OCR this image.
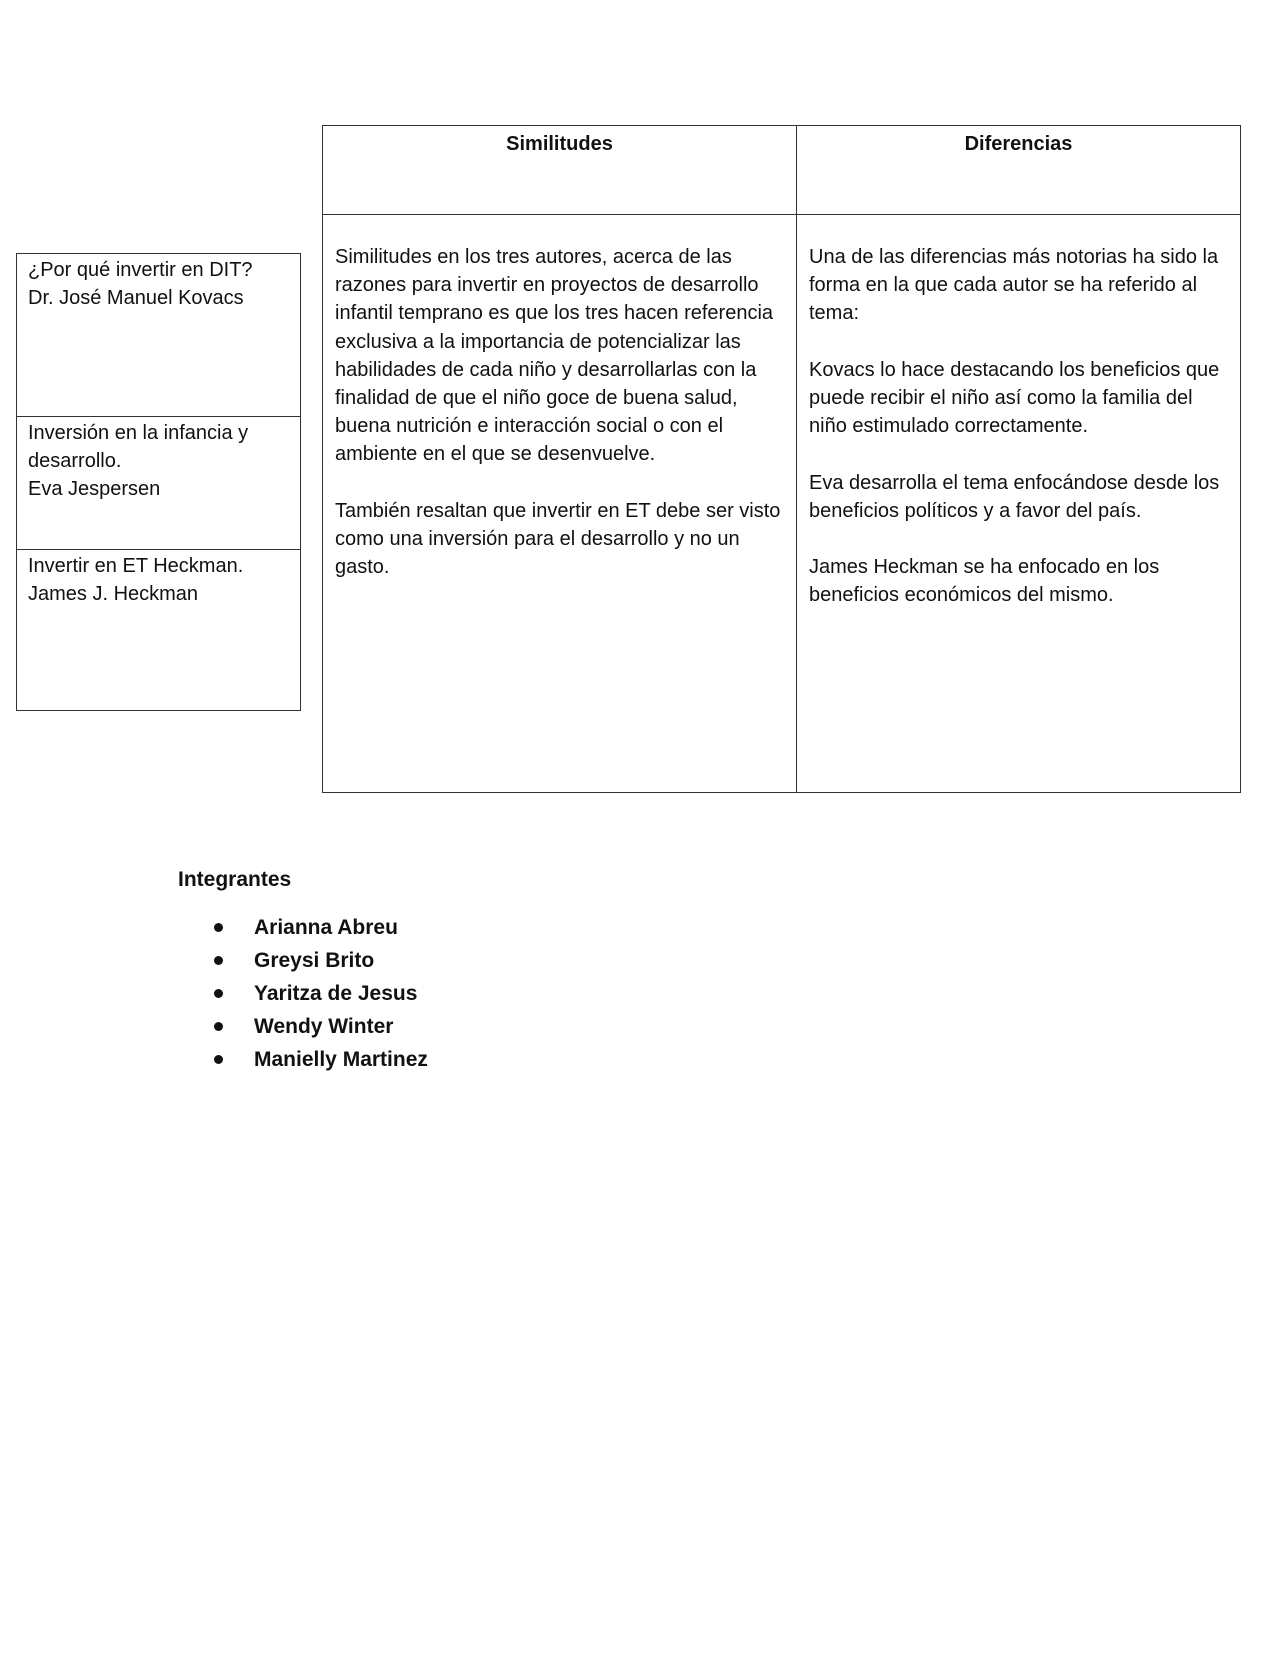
¿Por qué invertir en DIT?
Dr. José Manuel Kovacs
Inversión en la infancia y
desarrollo.
Eva Jespersen
Invertir en ET Heckman.
James J. Heckman
Similitudes	Diferencias

Similitudes en los tres autores, acerca de las razones para invertir en proyectos de desarrollo infantil temprano es que los tres hacen referencia exclusiva a la importancia de potencializar las habilidades de cada niño y desarrollarlas con la finalidad de que el niño goce de buena salud, buena nutrición e interacción social o con el ambiente en el que se desenvuelve.

También resaltan que invertir en ET debe ser visto como una inversión para el desarrollo y no un gasto.

Una de las diferencias más notorias ha sido la forma en la que cada autor se ha referido al tema:

Kovacs lo hace destacando los beneficios que puede recibir el niño así como la familia del niño estimulado correctamente.

Eva desarrolla el tema enfocándose desde los beneficios políticos y a favor del país.

James Heckman se ha enfocado en los beneficios económicos del mismo.

Integrantes
Arianna Abreu
Greysi Brito
Yaritza de Jesus
Wendy Winter
Manielly Martinez
